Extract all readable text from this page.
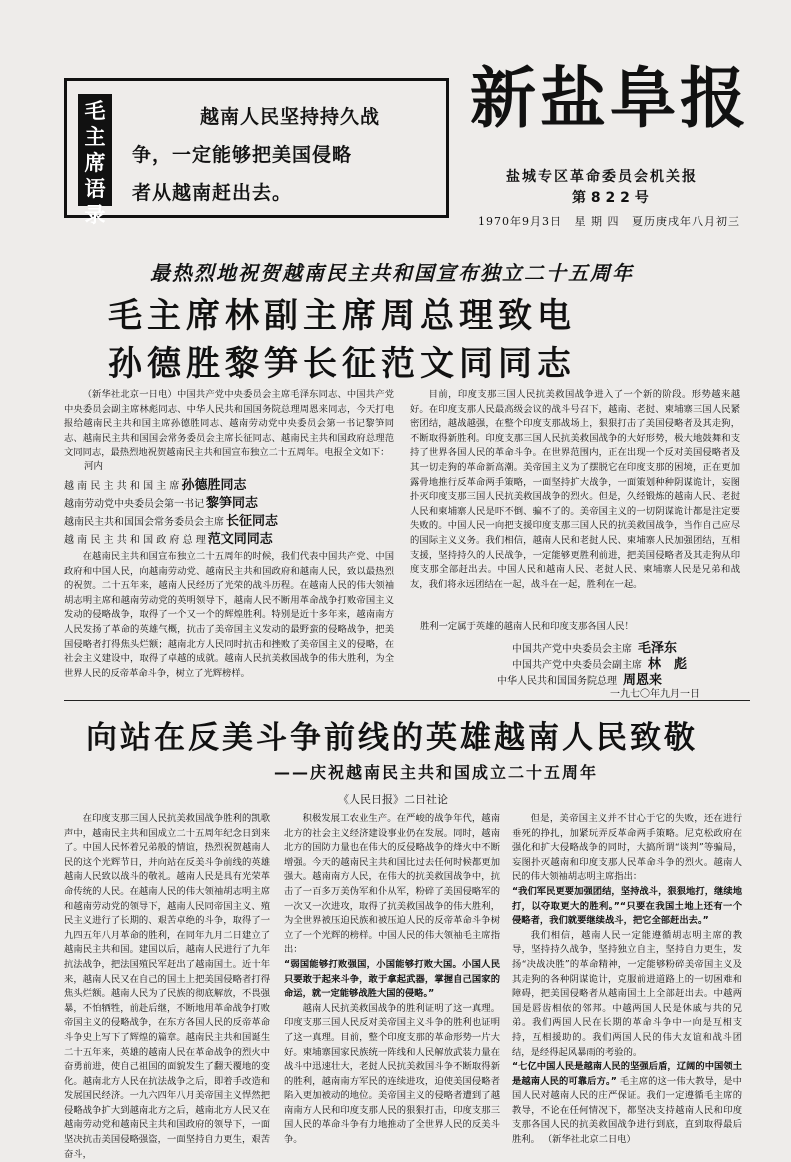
毛
主
席
语
录
越南人民坚持持久战
争，一定能够把美国侵略
者从越南赶出去。
新盐阜报
盐城专区革命委员会机关报
第 8 2 2 号
1970年9月3日 星 期 四 夏历庚戌年八月初三
最热烈地祝贺越南民主共和国宣布独立二十五周年
毛主席林副主席周总理致电
孙德胜黎笋长征范文同同志

（新华社北京一日电）中国共产党中央委员会主席毛泽东同志、中国共产党中央委员会副主席林彪同志、中华人民共和国国务院总理周恩来同志，今天打电报给越南民主共和国主席孙德胜同志、越南劳动党中央委员会第一书记黎笋同志、越南民主共和国国会常务委员会主席长征同志、越南民主共和国政府总理范文同同志，最热烈地祝贺越南民主共和国宣布独立二十五周年。电报全文如下：

河内
越 南 民 主 共 和 国 主 席 孙德胜同志
越南劳动党中央委员会第一书记 黎笋同志
越南民主共和国国会常务委员会主席 长征同志
越 南 民 主 共 和 国 政 府 总 理 范文同同志

在越南民主共和国宣布独立二十五周年的时候，我们代表中国共产党、中国政府和中国人民，向越南劳动党、越南民主共和国政府和越南人民，致以最热烈的祝贺。二十五年来，越南人民经历了光荣的战斗历程。在越南人民的伟大领袖胡志明主席和越南劳动党的英明领导下，越南人民不断用革命战争打败帝国主义发动的侵略战争，取得了一个又一个的辉煌胜利。特别是近十多年来，越南南方人民发扬了革命的英雄气概，抗击了美帝国主义发动的最野蛮的侵略战争，把美国侵略者打得焦头烂额；越南北方人民同时抗击和挫败了美帝国主义的侵略，在社会主义建设中，取得了卓越的成就。越南人民抗美救国战争的伟大胜利，为全世界人民的反帝革命斗争，树立了光辉榜样。

目前，印度支那三国人民抗美救国战争进入了一个新的阶段。形势越来越好。在印度支那人民最高级会议的战斗号召下，越南、老挝、柬埔寨三国人民紧密团结，越战越强，在整个印度支那战场上，狠狠打击了美国侵略者及其走狗，不断取得新胜利。印度支那三国人民抗美救国战争的大好形势，极大地鼓舞和支持了世界各国人民的革命斗争。在世界范围内，正在出现一个反对美国侵略者及其一切走狗的革命新高潮。美帝国主义为了摆脱它在印度支那的困境，正在更加露骨地推行反革命两手策略，一面坚持扩大战争，一面策划种种阴谋诡计，妄图扑灭印度支那三国人民抗美救国战争的烈火。但是，久经锻炼的越南人民、老挝人民和柬埔寨人民是吓不倒、骗不了的。美帝国主义的一切阴谋诡计都是注定要失败的。中国人民一向把支援印度支那三国人民的抗美救国战争，当作自己应尽的国际主义义务。我们相信，越南人民和老挝人民、柬埔寨人民加强团结，互相支援，坚持持久的人民战争，一定能够更胜利前进，把美国侵略者及其走狗从印度支那全部赶出去。中国人民和越南人民、老挝人民、柬埔寨人民是兄弟和战友，我们将永远团结在一起，战斗在一起，胜利在一起。

胜利一定属于英雄的越南人民和印度支那各国人民！
中国共产党中央委员会主席 毛泽东
中国共产党中央委员会副主席 林　彪
中华人民共和国国务院总理 周恩来
一九七〇年九月一日
向站在反美斗争前线的英雄越南人民致敬
——庆祝越南民主共和国成立二十五周年
《人民日报》二日社论

在印度支那三国人民抗美救国战争胜利的凯歌声中，越南民主共和国成立二十五周年纪念日到来了。中国人民怀着兄弟般的情谊，热烈祝贺越南人民的这个光辉节日，并向站在反美斗争前线的英雄越南人民致以战斗的敬礼。越南人民是具有光荣革命传统的人民。在越南人民的伟大领袖胡志明主席和越南劳动党的领导下，越南人民同帝国主义、殖民主义进行了长期的、艰苦卓绝的斗争，取得了一九四五年八月革命的胜利，在同年九月二日建立了越南民主共和国。建国以后，越南人民进行了九年抗法战争，把法国殖民军赶出了越南国土。近十年来，越南人民又在自己的国土上把美国侵略者打得焦头烂额。越南人民为了民族的彻底解放，不畏强暴，不怕牺牲，前赴后继，不断地用革命战争打败帝国主义的侵略战争，在东方各国人民的反帝革命斗争史上写下了辉煌的篇章。越南民主共和国诞生二十五年来，英雄的越南人民在革命战争的烈火中奋勇前进，使自己祖国的面貌发生了翻天覆地的变化。越南北方人民在抗法战争之后，即着手改造和发展国民经济。一九六四年八月美帝国主义悍然把侵略战争扩大到越南北方之后，越南北方人民又在越南劳动党和越南民主共和国政府的领导下，一面坚决抗击美国侵略强盗，一面坚持自力更生，艰苦奋斗，

积极发展工农业生产。在严峻的战争年代，越南北方的社会主义经济建设事业仍在发展。同时，越南北方的国防力量也在伟大的反侵略战争的烽火中不断增强。今天的越南民主共和国比过去任何时候都更加强大。越南南方人民，在伟大的抗美救国战争中，抗击了一百多万美伪军和仆从军，粉碎了美国侵略军的一次又一次进攻，取得了抗美救国战争的伟大胜利，为全世界被压迫民族和被压迫人民的反帝革命斗争树立了一个光辉的榜样。中国人民的伟大领袖毛主席指出：

“弱国能够打败强国，小国能够打败大国。小国人民只要敢于起来斗争，敢于拿起武器，掌握自己国家的命运，就一定能够战胜大国的侵略。”

越南人民抗美救国战争的胜利证明了这一真理。印度支那三国人民反对美帝国主义斗争的胜利也证明了这一真理。目前，整个印度支那的革命形势一片大好。柬埔寨国家民族统一阵线和人民解放武装力量在战斗中迅速壮大，老挝人民抗美救国斗争不断取得新的胜利，越南南方军民的连续进攻，迫使美国侵略者陷入更加被动的地位。美帝国主义的侵略者遭到了越南南方人民和印度支那人民的狠狠打击，印度支那三国人民的革命斗争有力地推动了全世界人民的反美斗争。

但是，美帝国主义并不甘心于它的失败，还在进行垂死的挣扎，加紧玩弄反革命两手策略。尼克松政府在强化和扩大侵略战争的同时，大搞所谓“谈判”等骗局，妄图扑灭越南和印度支那人民革命斗争的烈火。越南人民的伟大领袖胡志明主席指出：

“我们军民更要加强团结，坚持战斗，狠狠地打，继续地打，以夺取更大的胜利。”“只要在我国土地上还有一个侵略者，我们就要继续战斗，把它全部赶出去。”

我们相信，越南人民一定能遵循胡志明主席的教导，坚持持久战争，坚持独立自主，坚持自力更生，发扬“决战决胜”的革命精神，一定能够粉碎美帝国主义及其走狗的各种阴谋诡计，克服前进道路上的一切困难和障碍，把美国侵略者从越南国土上全部赶出去。中越两国是唇齿相依的邻邦。中越两国人民是休戚与共的兄弟。我们两国人民在长期的革命斗争中一向是互相支持，互相援助的。我们两国人民的伟大友谊和战斗团结，是经得起风暴雨的考验的。

“七亿中国人民是越南人民的坚强后盾，辽阔的中国领土是越南人民的可靠后方。” 毛主席的这一伟大教导，是中国人民对越南人民的庄严保证。我们一定遵循毛主席的教导，不论在任何情况下，都坚决支持越南人民和印度支那各国人民的抗美救国战争进行到底，直到取得最后胜利。 （新华社北京二日电）
